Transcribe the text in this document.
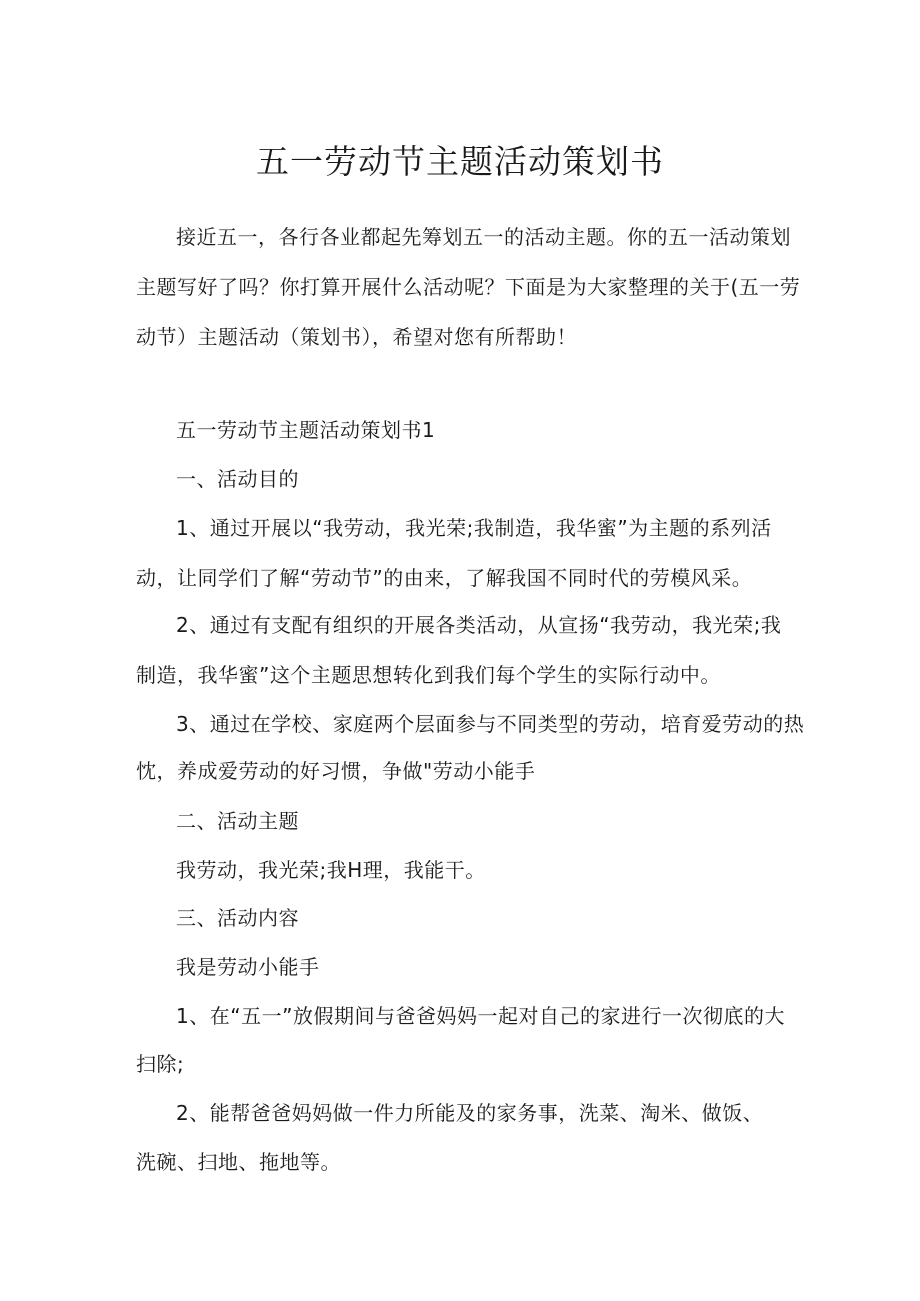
五一劳动节主题活动策划书
接近五一，各行各业都起先筹划五一的活动主题。你的五一活动策划
主题写好了吗？你打算开展什么活动呢？下面是为大家整理的关于(五一劳
动节）主题活动（策划书），希望对您有所帮助！
五一劳动节主题活动策划书1
一、活动目的
1、通过开展以“我劳动，我光荣;我制造，我华蜜”为主题的系列活
动，让同学们了解“劳动节”的由来，了解我国不同时代的劳模风采。
2、通过有支配有组织的开展各类活动，从宣扬“我劳动，我光荣;我
制造，我华蜜”这个主题思想转化到我们每个学生的实际行动中。
3、通过在学校、家庭两个层面参与不同类型的劳动，培育爱劳动的热
忱，养成爱劳动的好习惯，争做"劳动小能手
二、活动主题
我劳动，我光荣;我H理，我能干。
三、活动内容
我是劳动小能手
1、在“五一”放假期间与爸爸妈妈一起对自己的家进行一次彻底的大
扫除;
2、能帮爸爸妈妈做一件力所能及的家务事，洗菜、淘米、做饭、
洗碗、扫地、拖地等。
